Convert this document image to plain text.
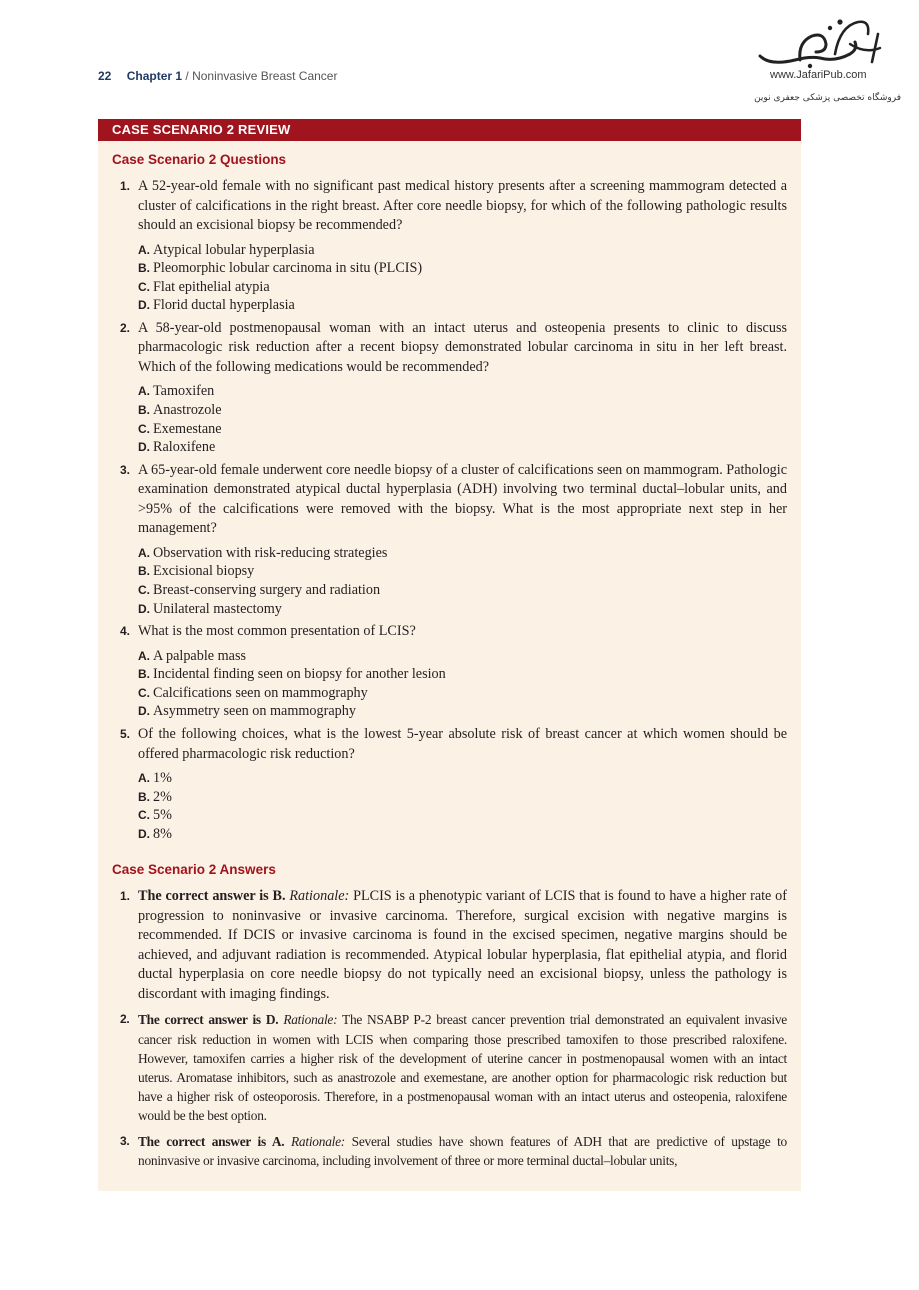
22 Chapter 1 / Noninvasive Breast Cancer	www.JafariPub.com
فروشگاه تخصصی پزشکی جعفری نوین
CASE SCENARIO 2 REVIEW
Case Scenario 2 Questions
1. A 52-year-old female with no significant past medical history presents after a screening mammogram detected a cluster of calcifications in the right breast. After core needle biopsy, for which of the following pathologic results should an excisional biopsy be recommended?
A. Atypical lobular hyperplasia
B. Pleomorphic lobular carcinoma in situ (PLCIS)
C. Flat epithelial atypia
D. Florid ductal hyperplasia
2. A 58-year-old postmenopausal woman with an intact uterus and osteopenia presents to clinic to discuss pharmacologic risk reduction after a recent biopsy demonstrated lobular carcinoma in situ in her left breast. Which of the following medications would be recommended?
A. Tamoxifen
B. Anastrozole
C. Exemestane
D. Raloxifene
3. A 65-year-old female underwent core needle biopsy of a cluster of calcifications seen on mammogram. Pathologic examination demonstrated atypical ductal hyperplasia (ADH) involving two terminal ductal–lobular units, and >95% of the calcifications were removed with the biopsy. What is the most appropriate next step in her management?
A. Observation with risk-reducing strategies
B. Excisional biopsy
C. Breast-conserving surgery and radiation
D. Unilateral mastectomy
4. What is the most common presentation of LCIS?
A. A palpable mass
B. Incidental finding seen on biopsy for another lesion
C. Calcifications seen on mammography
D. Asymmetry seen on mammography
5. Of the following choices, what is the lowest 5-year absolute risk of breast cancer at which women should be offered pharmacologic risk reduction?
A. 1%
B. 2%
C. 5%
D. 8%
Case Scenario 2 Answers
1. The correct answer is B. Rationale: PLCIS is a phenotypic variant of LCIS that is found to have a higher rate of progression to noninvasive or invasive carcinoma. Therefore, surgical excision with negative margins is recommended. If DCIS or invasive carcinoma is found in the excised specimen, negative margins should be achieved, and adjuvant radiation is recommended. Atypical lobular hyperplasia, flat epithelial atypia, and florid ductal hyperplasia on core needle biopsy do not typically need an excisional biopsy, unless the pathology is discordant with imaging findings.
2. The correct answer is D. Rationale: The NSABP P-2 breast cancer prevention trial demonstrated an equivalent invasive cancer risk reduction in women with LCIS when comparing those prescribed tamoxifen to those prescribed raloxifene. However, tamoxifen carries a higher risk of the development of uterine cancer in postmenopausal women with an intact uterus. Aromatase inhibitors, such as anastrozole and exemestane, are another option for pharmacologic risk reduction but have a higher risk of osteoporosis. Therefore, in a postmenopausal woman with an intact uterus and osteopenia, raloxifene would be the best option.
3. The correct answer is A. Rationale: Several studies have shown features of ADH that are predictive of upstage to noninvasive or invasive carcinoma, including involvement of three or more terminal ductal–lobular units,
